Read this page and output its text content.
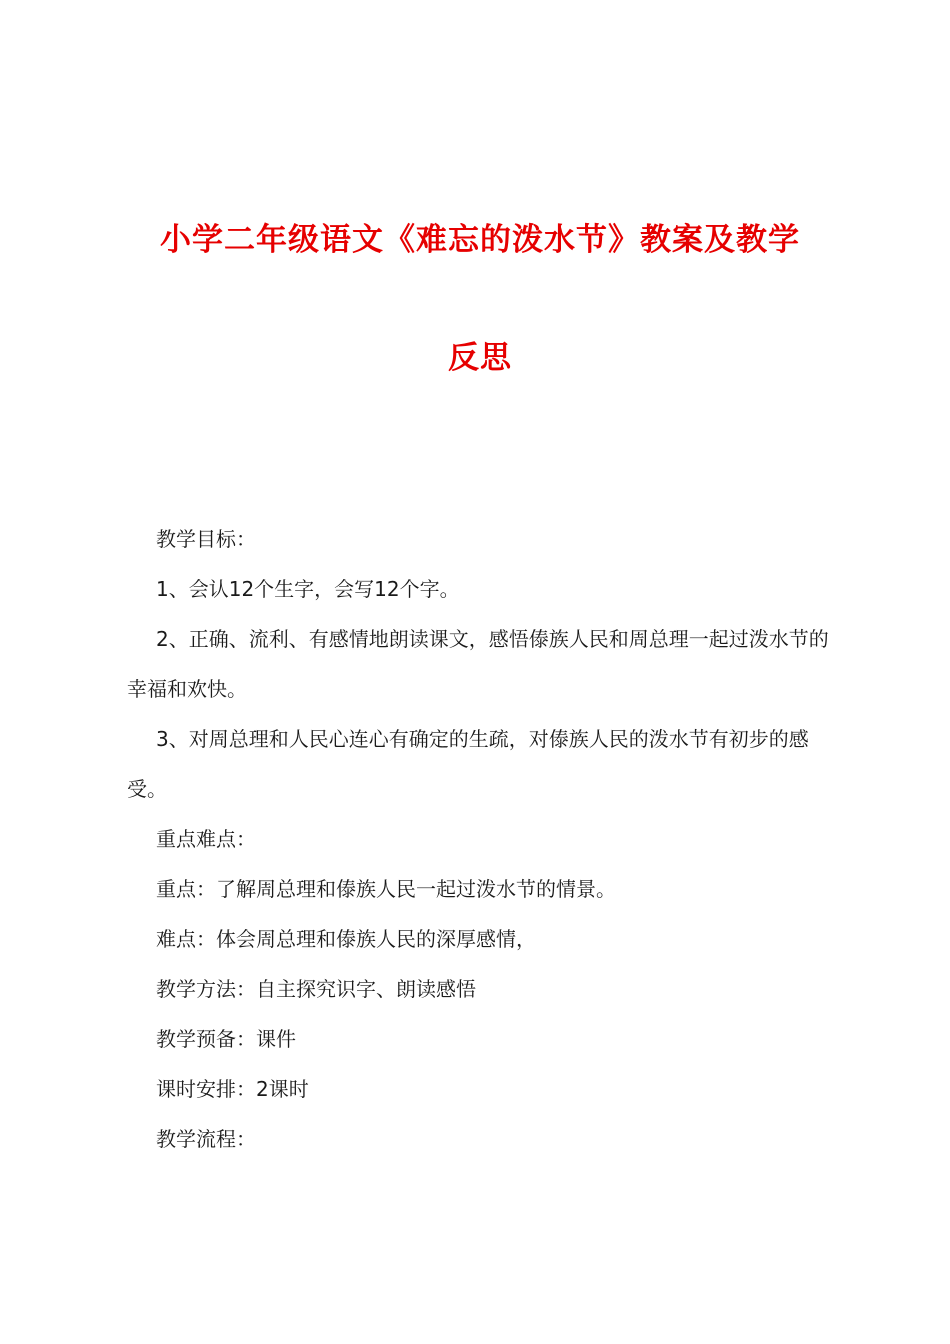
小学二年级语文《难忘的泼水节》教案及教学
反思

教学目标：

1、会认12个生字，会写12个字。

2、正确、流利、有感情地朗读课文，感悟傣族人民和周总理一起过泼水节的幸福和欢快。

3、对周总理和人民心连心有确定的生疏，对傣族人民的泼水节有初步的感受。

重点难点：

重点：了解周总理和傣族人民一起过泼水节的情景。

难点：体会周总理和傣族人民的深厚感情，

教学方法：自主探究识字、朗读感悟

教学预备：课件

课时安排：2课时

教学流程：
